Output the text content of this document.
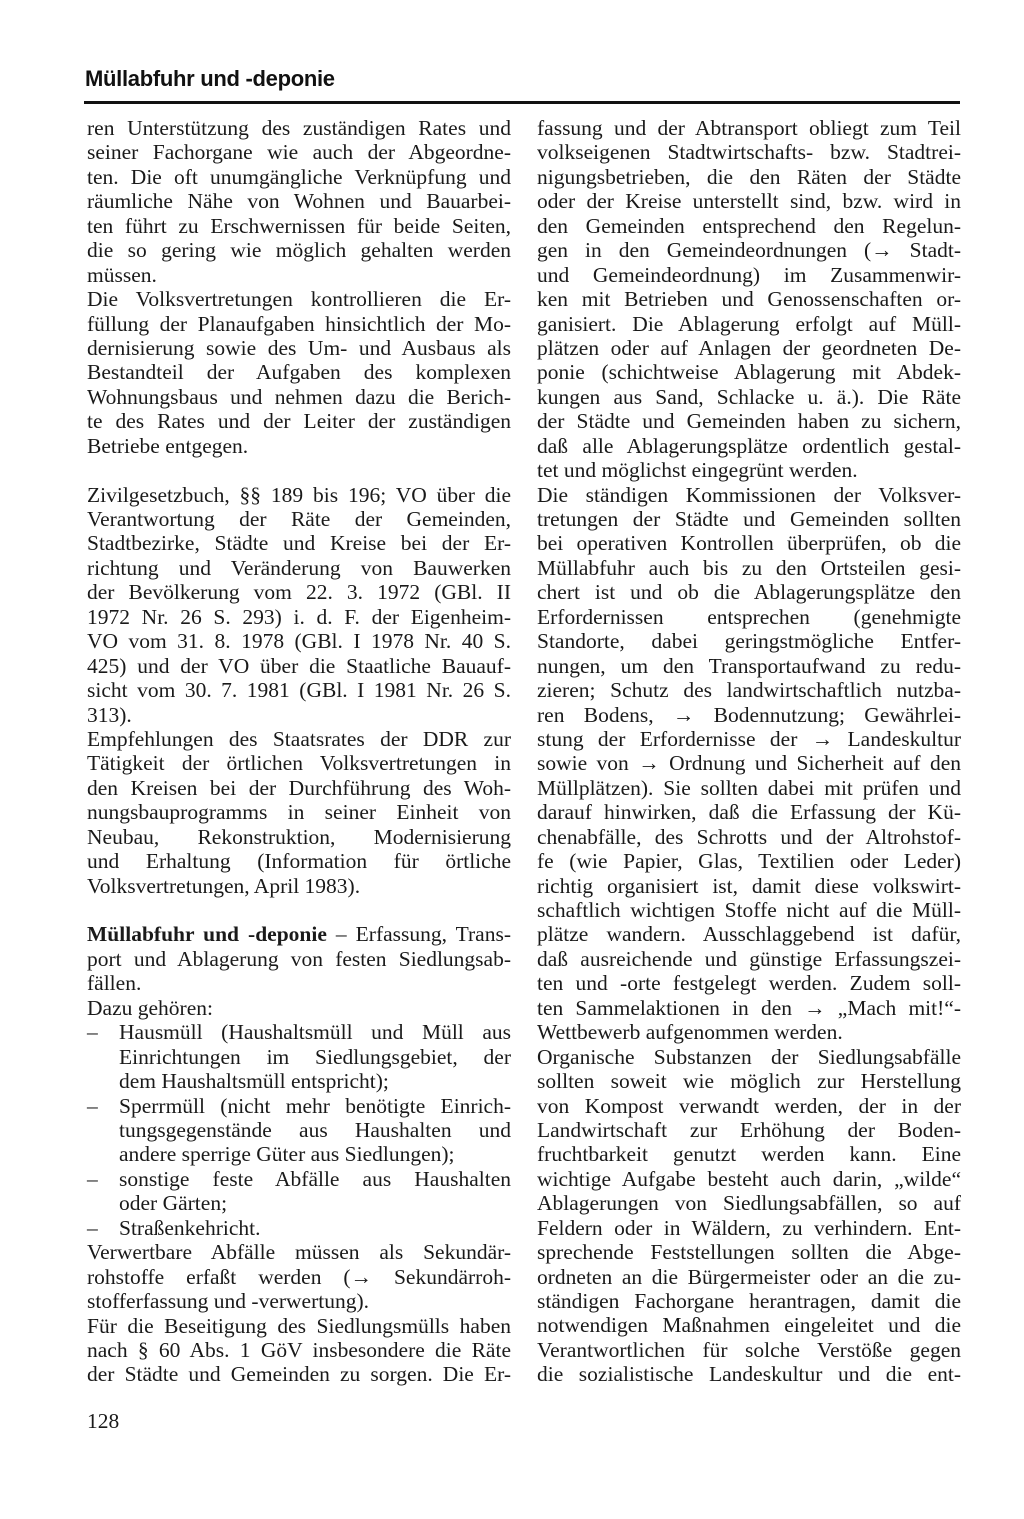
Müllabfuhr und -deponie
ren Unterstützung des zuständigen Rates und
seiner Fachorgane wie auch der Abgeordne-
ten. Die oft unumgängliche Verknüpfung und
räumliche Nähe von Wohnen und Bauarbei-
ten führt zu Erschwernissen für beide Seiten,
die so gering wie möglich gehalten werden
müssen.
Die Volksvertretungen kontrollieren die Er-
füllung der Planaufgaben hinsichtlich der Mo-
dernisierung sowie des Um- und Ausbaus als
Bestandteil der Aufgaben des komplexen
Wohnungsbaus und nehmen dazu die Berich-
te des Rates und der Leiter der zuständigen
Betriebe entgegen.
Zivilgesetzbuch, §§ 189 bis 196; VO über die
Verantwortung der Räte der Gemeinden,
Stadtbezirke, Städte und Kreise bei der Er-
richtung und Veränderung von Bauwerken
der Bevölkerung vom 22. 3. 1972 (GBl. II
1972 Nr. 26 S. 293) i. d. F. der Eigenheim-
VO vom 31. 8. 1978 (GBl. I 1978 Nr. 40 S.
425) und der VO über die Staatliche Bauauf-
sicht vom 30. 7. 1981 (GBl. I 1981 Nr. 26 S.
313).
Empfehlungen des Staatsrates der DDR zur
Tätigkeit der örtlichen Volksvertretungen in
den Kreisen bei der Durchführung des Woh-
nungsbauprogramms in seiner Einheit von
Neubau, Rekonstruktion, Modernisierung
und Erhaltung (Information für örtliche
Volksvertretungen, April 1983).
Müllabfuhr und -deponie – Erfassung, Trans-
port und Ablagerung von festen Siedlungsab-
fällen.
Dazu gehören:
– Hausmüll (Haushaltsmüll und Müll aus
Einrichtungen im Siedlungsgebiet, der
dem Haushaltsmüll entspricht);
– Sperrmüll (nicht mehr benötigte Einrich-
tungsgegenstände aus Haushalten und
andere sperrige Güter aus Siedlungen);
– sonstige feste Abfälle aus Haushalten
oder Gärten;
– Straßenkehricht.
Verwertbare Abfälle müssen als Sekundär-
rohstoffe erfaßt werden (→ Sekundärroh-
stofferfassung und -verwertung).
Für die Beseitigung des Siedlungsmülls haben
nach § 60 Abs. 1 GöV insbesondere die Räte
der Städte und Gemeinden zu sorgen. Die Er-
fassung und der Abtransport obliegt zum Teil
volkseigenen Stadtwirtschafts- bzw. Stadtrei-
nigungsbetrieben, die den Räten der Städte
oder der Kreise unterstellt sind, bzw. wird in
den Gemeinden entsprechend den Regelun-
gen in den Gemeindeordnungen (→ Stadt-
und Gemeindeordnung) im Zusammenwir-
ken mit Betrieben und Genossenschaften or-
ganisiert. Die Ablagerung erfolgt auf Müll-
plätzen oder auf Anlagen der geordneten De-
ponie (schichtweise Ablagerung mit Abdek-
kungen aus Sand, Schlacke u. ä.). Die Räte
der Städte und Gemeinden haben zu sichern,
daß alle Ablagerungsplätze ordentlich gestal-
tet und möglichst eingegrünt werden.
Die ständigen Kommissionen der Volksver-
tretungen der Städte und Gemeinden sollten
bei operativen Kontrollen überprüfen, ob die
Müllabfuhr auch bis zu den Ortsteilen gesi-
chert ist und ob die Ablagerungsplätze den
Erfordernissen entsprechen (genehmigte
Standorte, dabei geringstmögliche Entfer-
nungen, um den Transportaufwand zu redu-
zieren; Schutz des landwirtschaftlich nutzba-
ren Bodens, → Bodennutzung; Gewährlei-
stung der Erfordernisse der → Landeskultur
sowie von → Ordnung und Sicherheit auf den
Müllplätzen). Sie sollten dabei mit prüfen und
darauf hinwirken, daß die Erfassung der Kü-
chenabfälle, des Schrotts und der Altrohstof-
fe (wie Papier, Glas, Textilien oder Leder)
richtig organisiert ist, damit diese volkswirt-
schaftlich wichtigen Stoffe nicht auf die Müll-
plätze wandern. Ausschlaggebend ist dafür,
daß ausreichende und günstige Erfassungszei-
ten und -orte festgelegt werden. Zudem soll-
ten Sammelaktionen in den → „Mach mit!“-
Wettbewerb aufgenommen werden.
Organische Substanzen der Siedlungsabfälle
sollten soweit wie möglich zur Herstellung
von Kompost verwandt werden, der in der
Landwirtschaft zur Erhöhung der Boden-
fruchtbarkeit genutzt werden kann. Eine
wichtige Aufgabe besteht auch darin, „wilde“
Ablagerungen von Siedlungsabfällen, so auf
Feldern oder in Wäldern, zu verhindern. Ent-
sprechende Feststellungen sollten die Abge-
ordneten an die Bürgermeister oder an die zu-
ständigen Fachorgane herantragen, damit die
notwendigen Maßnahmen eingeleitet und die
Verantwortlichen für solche Verstöße gegen
die sozialistische Landeskultur und die ent-
128
